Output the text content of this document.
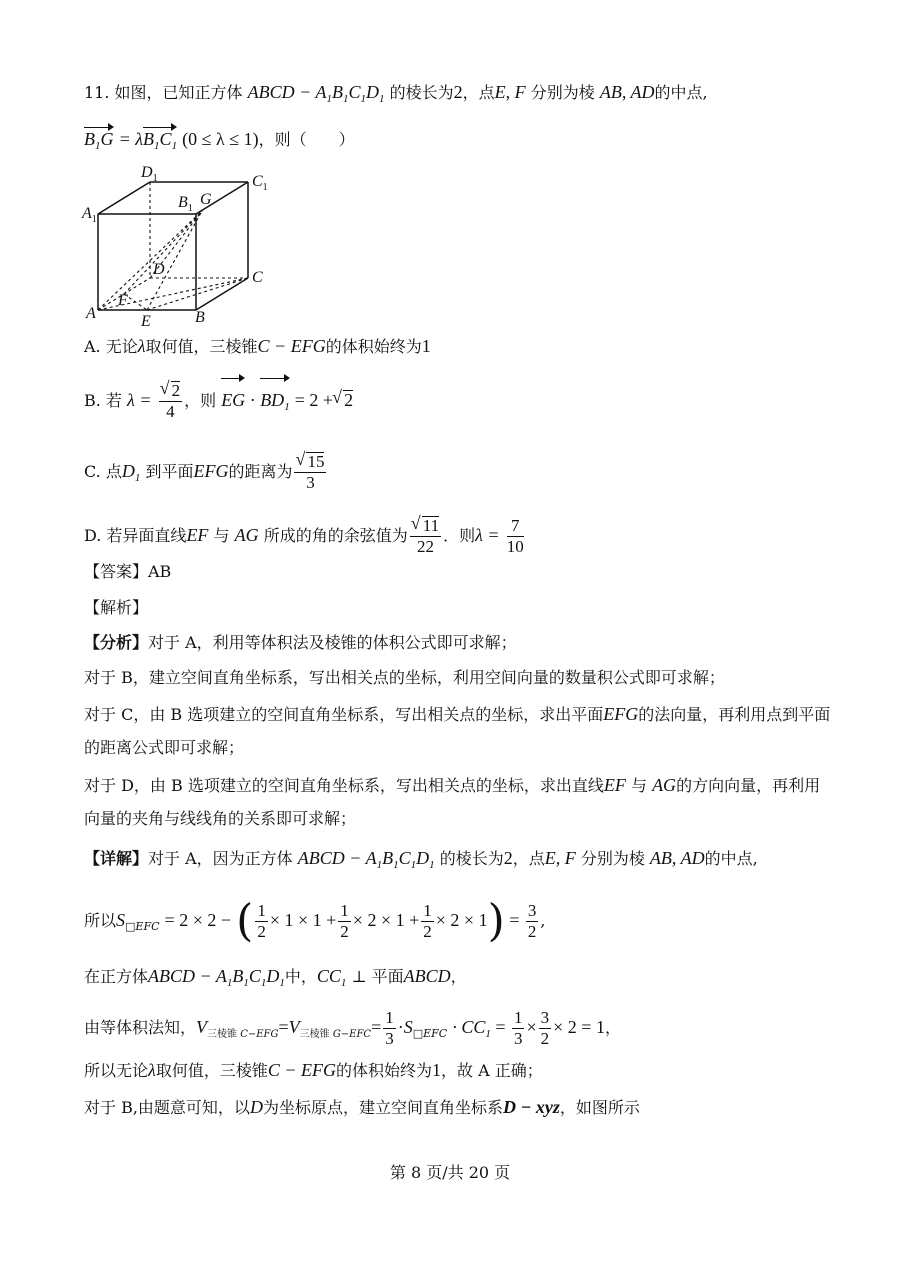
11. 如图，已知正方体 ABCD − $A_1B_1C_1D_1$ 的棱长为2，点E, F 分别为棱 AB, AD的中点,
$B_1G = \lambda B_1C_1$ (0 ≤ λ ≤ 1)，则（　　）
$D_1$	$C_1$
$A_1$
$B_1$
G
D	C
A
F
E	B
A. 无论λ取何值，三棱锥C − EFG的体积始终为1
B. 若 λ = √ $\frac{2}{4}$ ，则 EG · $BD_1 = 2$ + √ 2
C. 点$D_1$ 到平面EFG的距离为 √ $\frac{15}{3}$
D. 若异面直线EF 与 AG 所成的角的余弦值为 √ $\frac{11}{22}$ ．则$\lambda = \frac{7}{10}$
【答案】AB
【解析】
【分析】对于 A，利用等体积法及棱锥的体积公式即可求解；
对于 B，建立空间直角坐标系，写出相关点的坐标，利用空间向量的数量积公式即可求解；
对于 C，由 B 选项建立的空间直角坐标系，写出相关点的坐标，求出平面EFG的法向量，再利用点到平面
的距离公式即可求解；
对于 D，由 B 选项建立的空间直角坐标系，写出相关点的坐标，求出直线EF 与 AG的方向向量，再利用
向量的夹角与线线角的关系即可求解；
【详解】对于 A，因为正方体 ABCD − $A_1B_1C_1D_1$ 的棱长为2，点E, F 分别为棱 AB, AD的中点,
所以$S_{□EFC} = 2 \times 2$ − ( $\frac{1}{2} \times 1 \times 1 + \frac{1}{2} \times 2 \times 1 + \frac{1}{2} \times 2 \times 1) = \frac{3}{2}$ ,
在正方体ABCD − $A_1B_1C_1D_1$中，$CC_1$ ⊥ 平面ABCD，
由等体积法知，$V_{三棱锥 C-EFG}=V_{三棱锥 G-EFC}= \frac{1}{3} \cdot S_{□EFC} \cdot CC_1 = \frac{1}{3} \times \frac{3}{2} \times 2 = 1$，
所以无论λ取何值，三棱锥C − EFG的体积始终为1，故 A 正确；
对于 B,由题意可知，以D为坐标原点，建立空间直角坐标系D − xyz，如图所示
第 8 页/共 20 页
